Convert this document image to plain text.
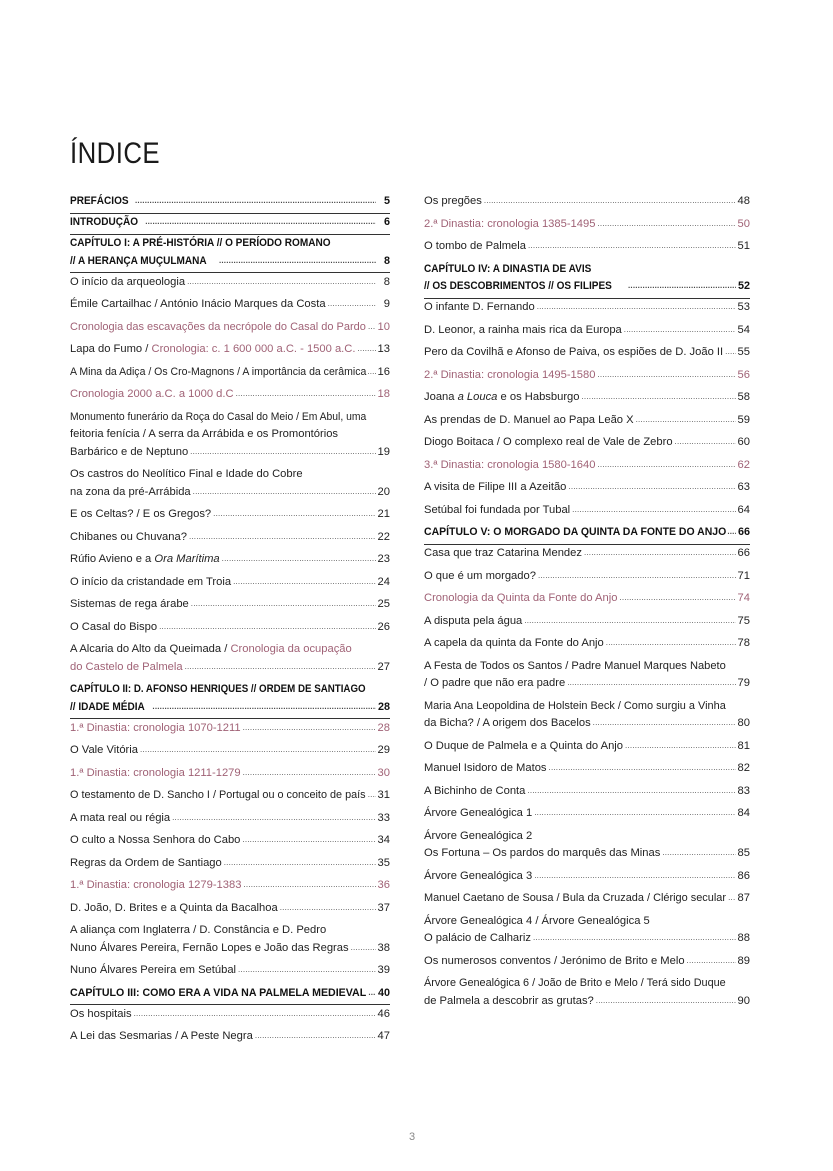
ÍNDICE
PREFÁCIOS .....	5
INTRODUÇÃO .....	6
CAPÍTULO I: A PRÉ-HISTÓRIA // O PERÍODO ROMANO
// A HERANÇA MUÇULMANA .....	8
O início da arqueologia .....	8
Émile Cartailhac / António Inácio Marques da Costa .....	9
Cronologia das escavações da necrópole do Casal do Pardo ..... 10
Lapa do Fumo / Cronologia: c. 1 600 000 a.C. - 1500 a.C. ..... 13
A Mina da Adiça / Os Cro-Magnons / A importância da cerâmica ..... 16
Cronologia 2000 a.C. a 1000 d.C .....	18
Monumento funerário da Roça do Casal do Meio / Em Abul, uma
feitoria fenícia / A serra da Arrábida e os Promontórios
Barbárico e de Neptuno .....	19
Os castros do Neolítico Final e Idade do Cobre
na zona da pré-Arrábida .....	20
E os Celtas? / E os Gregos? .....	21
Chibanes ou Chuvana? .....	22
Rúfio Avieno e a Ora Marítima .....	23
O início da cristandade em Troia .....	24
Sistemas de rega árabe .....	25
O Casal do Bispo .....	26
A Alcaria do Alto da Queimada / Cronologia da ocupação
do Castelo de Palmela .....	27
CAPÍTULO II: D. AFONSO HENRIQUES // ORDEM DE SANTIAGO
// IDADE MÉDIA .....	28
1.ª Dinastia: cronologia 1070-1211 .....	28
O Vale Vitória .....	29
1.ª Dinastia: cronologia 1211-1279 .....	30
O testamento de D. Sancho I / Portugal ou o conceito de país ..... 31
A mata real ou régia .....	33
O culto a Nossa Senhora do Cabo .....	34
Regras da Ordem de Santiago .....	35
1.ª Dinastia: cronologia 1279-1383 .....	36
D. João, D. Brites e a Quinta da Bacalhoa .....	37
A aliança com Inglaterra / D. Constância e D. Pedro
Nuno Álvares Pereira, Fernão Lopes e João das Regras .....	38
Nuno Álvares Pereira em Setúbal .....	39
CAPÍTULO III: COMO ERA A VIDA NA PALMELA MEDIEVAL ..... 40
Os hospitais .....	46
A Lei das Sesmarias / A Peste Negra .....	47
Os pregões .....	48
2.ª Dinastia: cronologia 1385-1495 .....	50
O tombo de Palmela .....	51
CAPÍTULO IV: A DINASTIA DE AVIS
// OS DESCOBRIMENTOS // OS FILIPES .....	52
O infante D. Fernando .....	53
D. Leonor, a rainha mais rica da Europa .....	54
Pero da Covilhã e Afonso de Paiva, os espiões de D. João II ..... 55
2.ª Dinastia: cronologia 1495-1580 .....	56
Joana a Louca e os Habsburgo .....	58
As prendas de D. Manuel ao Papa Leão X .....	59
Diogo Boitaca / O complexo real de Vale de Zebro .....	60
3.ª Dinastia: cronologia 1580-1640 .....	62
A visita de Filipe III a Azeitão .....	63
Setúbal foi fundada por Tubal .....	64
CAPÍTULO V: O MORGADO DA QUINTA DA FONTE DO ANJO ..... 66
Casa que traz Catarina Mendez .....	66
O que é um morgado? .....	71
Cronologia da Quinta da Fonte do Anjo .....	74
A disputa pela água .....	75
A capela da quinta da Fonte do Anjo .....	78
A Festa de Todos os Santos / Padre Manuel Marques Nabeto
/ O padre que não era padre .....	79
Maria Ana Leopoldina de Holstein Beck / Como surgiu a Vinha
da Bicha? / A origem dos Bacelos .....	80
O Duque de Palmela e a Quinta do Anjo .....	81
Manuel Isidoro de Matos .....	82
A Bichinho de Conta .....	83
Árvore Genealógica 1 .....	84
Árvore Genealógica 2
Os Fortuna – Os pardos do marquês das Minas .....	85
Árvore Genealógica 3 .....	86
Manuel Caetano de Sousa / Bula da Cruzada / Clérigo secular ..... 87
Árvore Genealógica 4 / Árvore Genealógica 5
O palácio de Calhariz .....	88
Os numerosos conventos / Jerónimo de Brito e Melo .....	89
Árvore Genealógica 6 / João de Brito e Melo / Terá sido Duque
de Palmela a descobrir as grutas? .....	90
3
